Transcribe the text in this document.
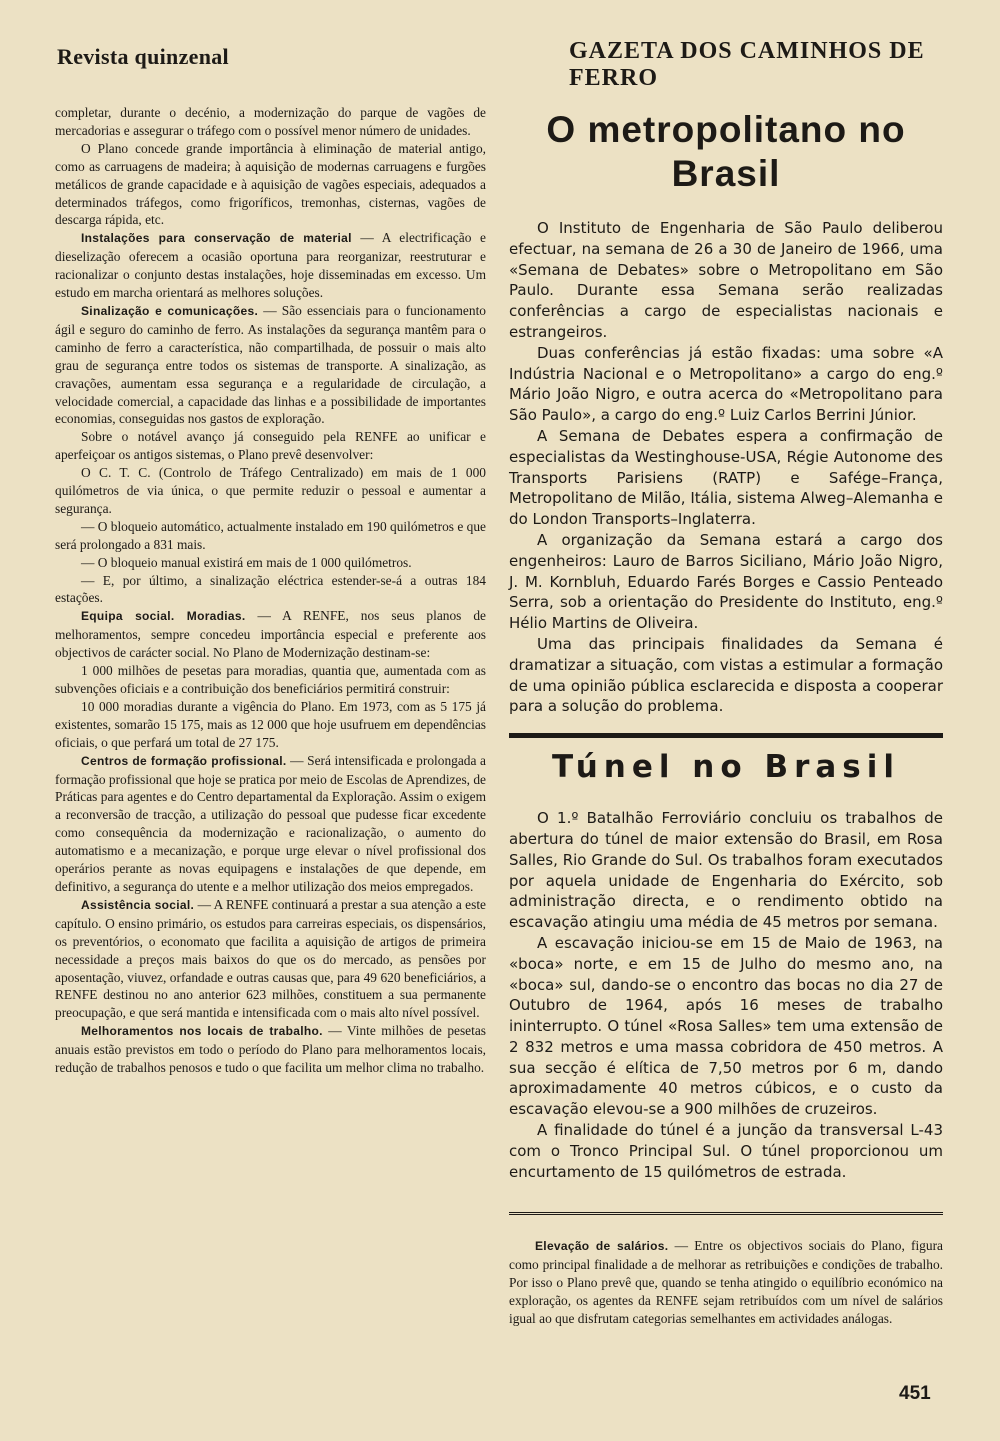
Revista quinzenal	GAZETA DOS CAMINHOS DE FERRO

completar, durante o decénio, a modernização do parque de vagões de mercadorias e assegurar o tráfego com o possível menor número de unidades.

O Plano concede grande importância à eliminação de material antigo, como as carruagens de madeira; à aquisição de modernas carruagens e furgões metálicos de grande capacidade e à aquisição de vagões especiais, adequados a determinados tráfegos, como frigoríficos, tremonhas, cisternas, vagões de descarga rápida, etc.

Instalações para conservação de material — A electrificação e dieselização oferecem a ocasião oportuna para reorganizar, reestruturar e racionalizar o conjunto destas instalações, hoje disseminadas em excesso. Um estudo em marcha orientará as melhores soluções.

Sinalização e comunicações. — São essenciais para o funcionamento ágil e seguro do caminho de ferro. As instalações da segurança mantêm para o caminho de ferro a característica, não compartilhada, de possuir o mais alto grau de segurança entre todos os sistemas de transporte. A sinalização, as cravações, aumentam essa segurança e a regularidade de circulação, a velocidade comercial, a capacidade das linhas e a possibilidade de importantes economias, conseguidas nos gastos de exploração.

Sobre o notável avanço já conseguido pela RENFE ao unificar e aperfeiçoar os antigos sistemas, o Plano prevê desenvolver:

O C. T. C. (Controlo de Tráfego Centralizado) em mais de 1 000 quilómetros de via única, o que permite reduzir o pessoal e aumentar a segurança.

— O bloqueio automático, actualmente instalado em 190 quilómetros e que será prolongado a 831 mais.

— O bloqueio manual existirá em mais de 1 000 quilómetros.

— E, por último, a sinalização eléctrica estender-se-á a outras 184 estações.

Equipa social. Moradias. — A RENFE, nos seus planos de melhoramentos, sempre concedeu importância especial e preferente aos objectivos de carácter social. No Plano de Modernização destinam-se:

1 000 milhões de pesetas para moradias, quantia que, aumentada com as subvenções oficiais e a contribuição dos beneficiários permitirá construir:

10 000 moradias durante a vigência do Plano. Em 1973, com as 5 175 já existentes, somarão 15 175, mais as 12 000 que hoje usufruem em dependências oficiais, o que perfará um total de 27 175.

Centros de formação profissional. — Será intensificada e prolongada a formação profissional que hoje se pratica por meio de Escolas de Aprendizes, de Práticas para agentes e do Centro departamental da Exploração. Assim o exigem a reconversão de tracção, a utilização do pessoal que pudesse ficar excedente como consequência da modernização e racionalização, o aumento do automatismo e a mecanização, e porque urge elevar o nível profissional dos operários perante as novas equipagens e instalações de que depende, em definitivo, a segurança do utente e a melhor utilização dos meios empregados.

Assistência social. — A RENFE continuará a prestar a sua atenção a este capítulo. O ensino primário, os estudos para carreiras especiais, os dispensários, os preventórios, o economato que facilita a aquisição de artigos de primeira necessidade a preços mais baixos do que os do mercado, as pensões por aposentação, viuvez, orfandade e outras causas que, para 49 620 beneficiários, a RENFE destinou no ano anterior 623 milhões, constituem a sua permanente preocupação, e que será mantida e intensificada com o mais alto nível possível.

Melhoramentos nos locais de trabalho. — Vinte milhões de pesetas anuais estão previstos em todo o período do Plano para melhoramentos locais, redução de trabalhos penosos e tudo o que facilita um melhor clima no trabalho.

O metropolitano no Brasil

O Instituto de Engenharia de São Paulo deliberou efectuar, na semana de 26 a 30 de Janeiro de 1966, uma «Semana de Debates» sobre o Metropolitano em São Paulo. Durante essa Semana serão realizadas conferências a cargo de especialistas nacionais e estrangeiros.

Duas conferências já estão fixadas: uma sobre «A Indústria Nacional e o Metropolitano» a cargo do eng.º Mário João Nigro, e outra acerca do «Metropolitano para São Paulo», a cargo do eng.º Luiz Carlos Berrini Júnior.

A Semana de Debates espera a confirmação de especialistas da Westinghouse-USA, Régie Autonome des Transports Parisiens (RATP) e Safége–França, Metropolitano de Milão, Itália, sistema Alweg–Alemanha e do London Transports–Inglaterra.

A organização da Semana estará a cargo dos engenheiros: Lauro de Barros Siciliano, Mário João Nigro, J. M. Kornbluh, Eduardo Farés Borges e Cassio Penteado Serra, sob a orientação do Presidente do Instituto, eng.º Hélio Martins de Oliveira.

Uma das principais finalidades da Semana é dramatizar a situação, com vistas a estimular a formação de uma opinião pública esclarecida e disposta a cooperar para a solução do problema.

Túnel no Brasil

O 1.º Batalhão Ferroviário concluiu os trabalhos de abertura do túnel de maior extensão do Brasil, em Rosa Salles, Rio Grande do Sul. Os trabalhos foram executados por aquela unidade de Engenharia do Exército, sob administração directa, e o rendimento obtido na escavação atingiu uma média de 45 metros por semana.

A escavação iniciou-se em 15 de Maio de 1963, na «boca» norte, e em 15 de Julho do mesmo ano, na «boca» sul, dando-se o encontro das bocas no dia 27 de Outubro de 1964, após 16 meses de trabalho ininterrupto. O túnel «Rosa Salles» tem uma extensão de 2 832 metros e uma massa cobridora de 450 metros. A sua secção é elítica de 7,50 metros por 6 m, dando aproximadamente 40 metros cúbicos, e o custo da escavação elevou-se a 900 milhões de cruzeiros.

A finalidade do túnel é a junção da transversal L-43 com o Tronco Principal Sul. O túnel proporcionou um encurtamento de 15 quilómetros de estrada.

Elevação de salários. — Entre os objectivos sociais do Plano, figura como principal finalidade a de melhorar as retribuições e condições de trabalho. Por isso o Plano prevê que, quando se tenha atingido o equilíbrio económico na exploração, os agentes da RENFE sejam retribuídos com um nível de salários igual ao que disfrutam categorias semelhantes em actividades análogas.

451
